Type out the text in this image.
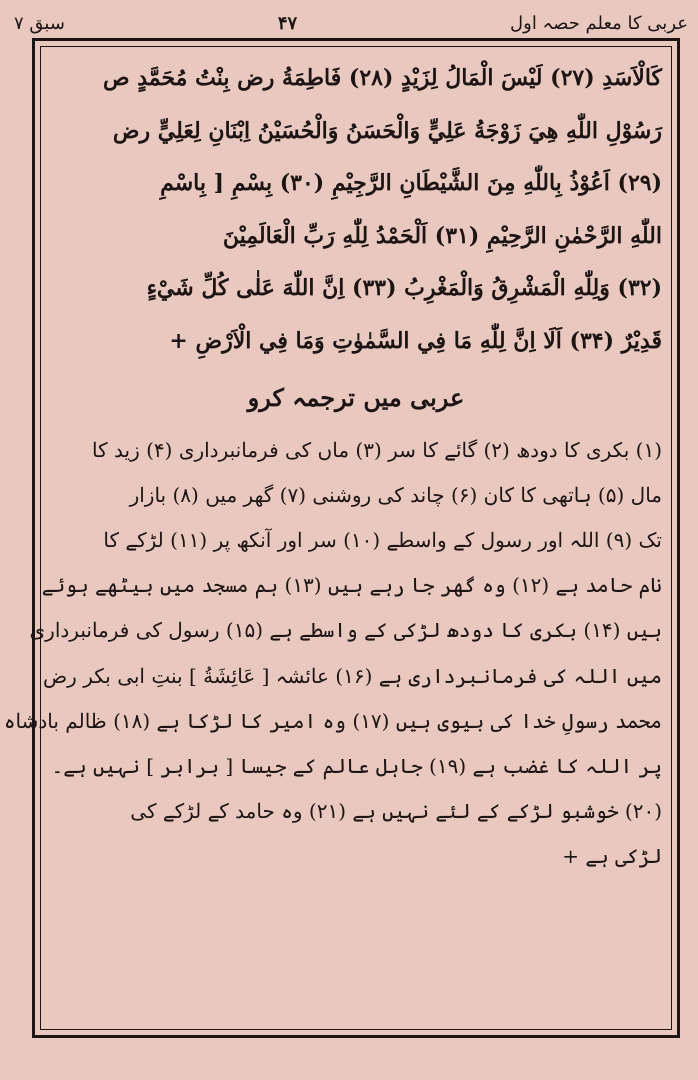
عربی کا معلم حصہ اول
۴۷
سبق ۷
كَالْاَسَدِ (۲۷) لَيْسَ الْمَالُ لِزَيْدٍ (۲۸) فَاطِمَةُ رض بِنْتُ مُحَمَّدٍ ص
رَسُوْلِ اللّٰهِ هِيَ زَوْجَةُ عَلِيٍّ وَالْحَسَنُ وَالْحُسَيْنُ اِبْنَانِ لِعَلِيٍّ رض
(۲۹) اَعُوْذُ بِاللّٰهِ مِنَ الشَّيْطَانِ الرَّجِيْمِ (۳۰) بِسْمِ [ بِاسْمِ
اللّٰهِ الرَّحْمٰنِ الرَّحِيْمِ (۳۱) اَلْحَمْدُ لِلّٰهِ رَبِّ الْعَالَمِيْنَ
(۳۲) وَلِلّٰهِ الْمَشْرِقُ وَالْمَغْرِبُ (۳۳) اِنَّ اللّٰهَ عَلٰى كُلِّ شَيْءٍ
قَدِيْرٌ (۳۴) اَلَا اِنَّ لِلّٰهِ مَا فِي السَّمٰوٰتِ وَمَا فِي الْاَرْضِ +
عربی میں ترجمہ کرو
(۱) بکری کا دودھ (۲) گائے کا سر (۳) ماں کی فرمانبرداری (۴) زید کا
مال (۵) ہاتھی کا کان (۶) چاند کی روشنی (۷) گھر میں (۸) بازار
تک (۹) اللہ اور رسول کے واسطے (۱۰) سر اور آنکھ پر (۱۱) لڑکے کا
نام حامد ہے (۱۲) وہ گھر جا رہے ہیں (۱۳) ہم مسجد میں بیٹھے ہوئے
ہیں (۱۴) بکری کا دودھ لڑکی کے واسطے ہے (۱۵) رسول کی فرمانبرداری
میں اللہ کی فرمانبرداری ہے (۱۶) عائشہ [ عَائِشَةُ ] بنتِ ابی بکر رض
محمد رسولِ خدا کی بیوی ہیں (۱۷) وہ امیر کا لڑکا ہے (۱۸) ظالم بادشاہ
پر اللہ کا غضب ہے (۱۹) جاہل عالم کے جیسا [ برابر ] نہیں ہے۔
(۲۰) خوشبو لڑکے کے لئے نہیں ہے (۲۱) وہ حامد کے لڑکے کی
لڑکی ہے +
